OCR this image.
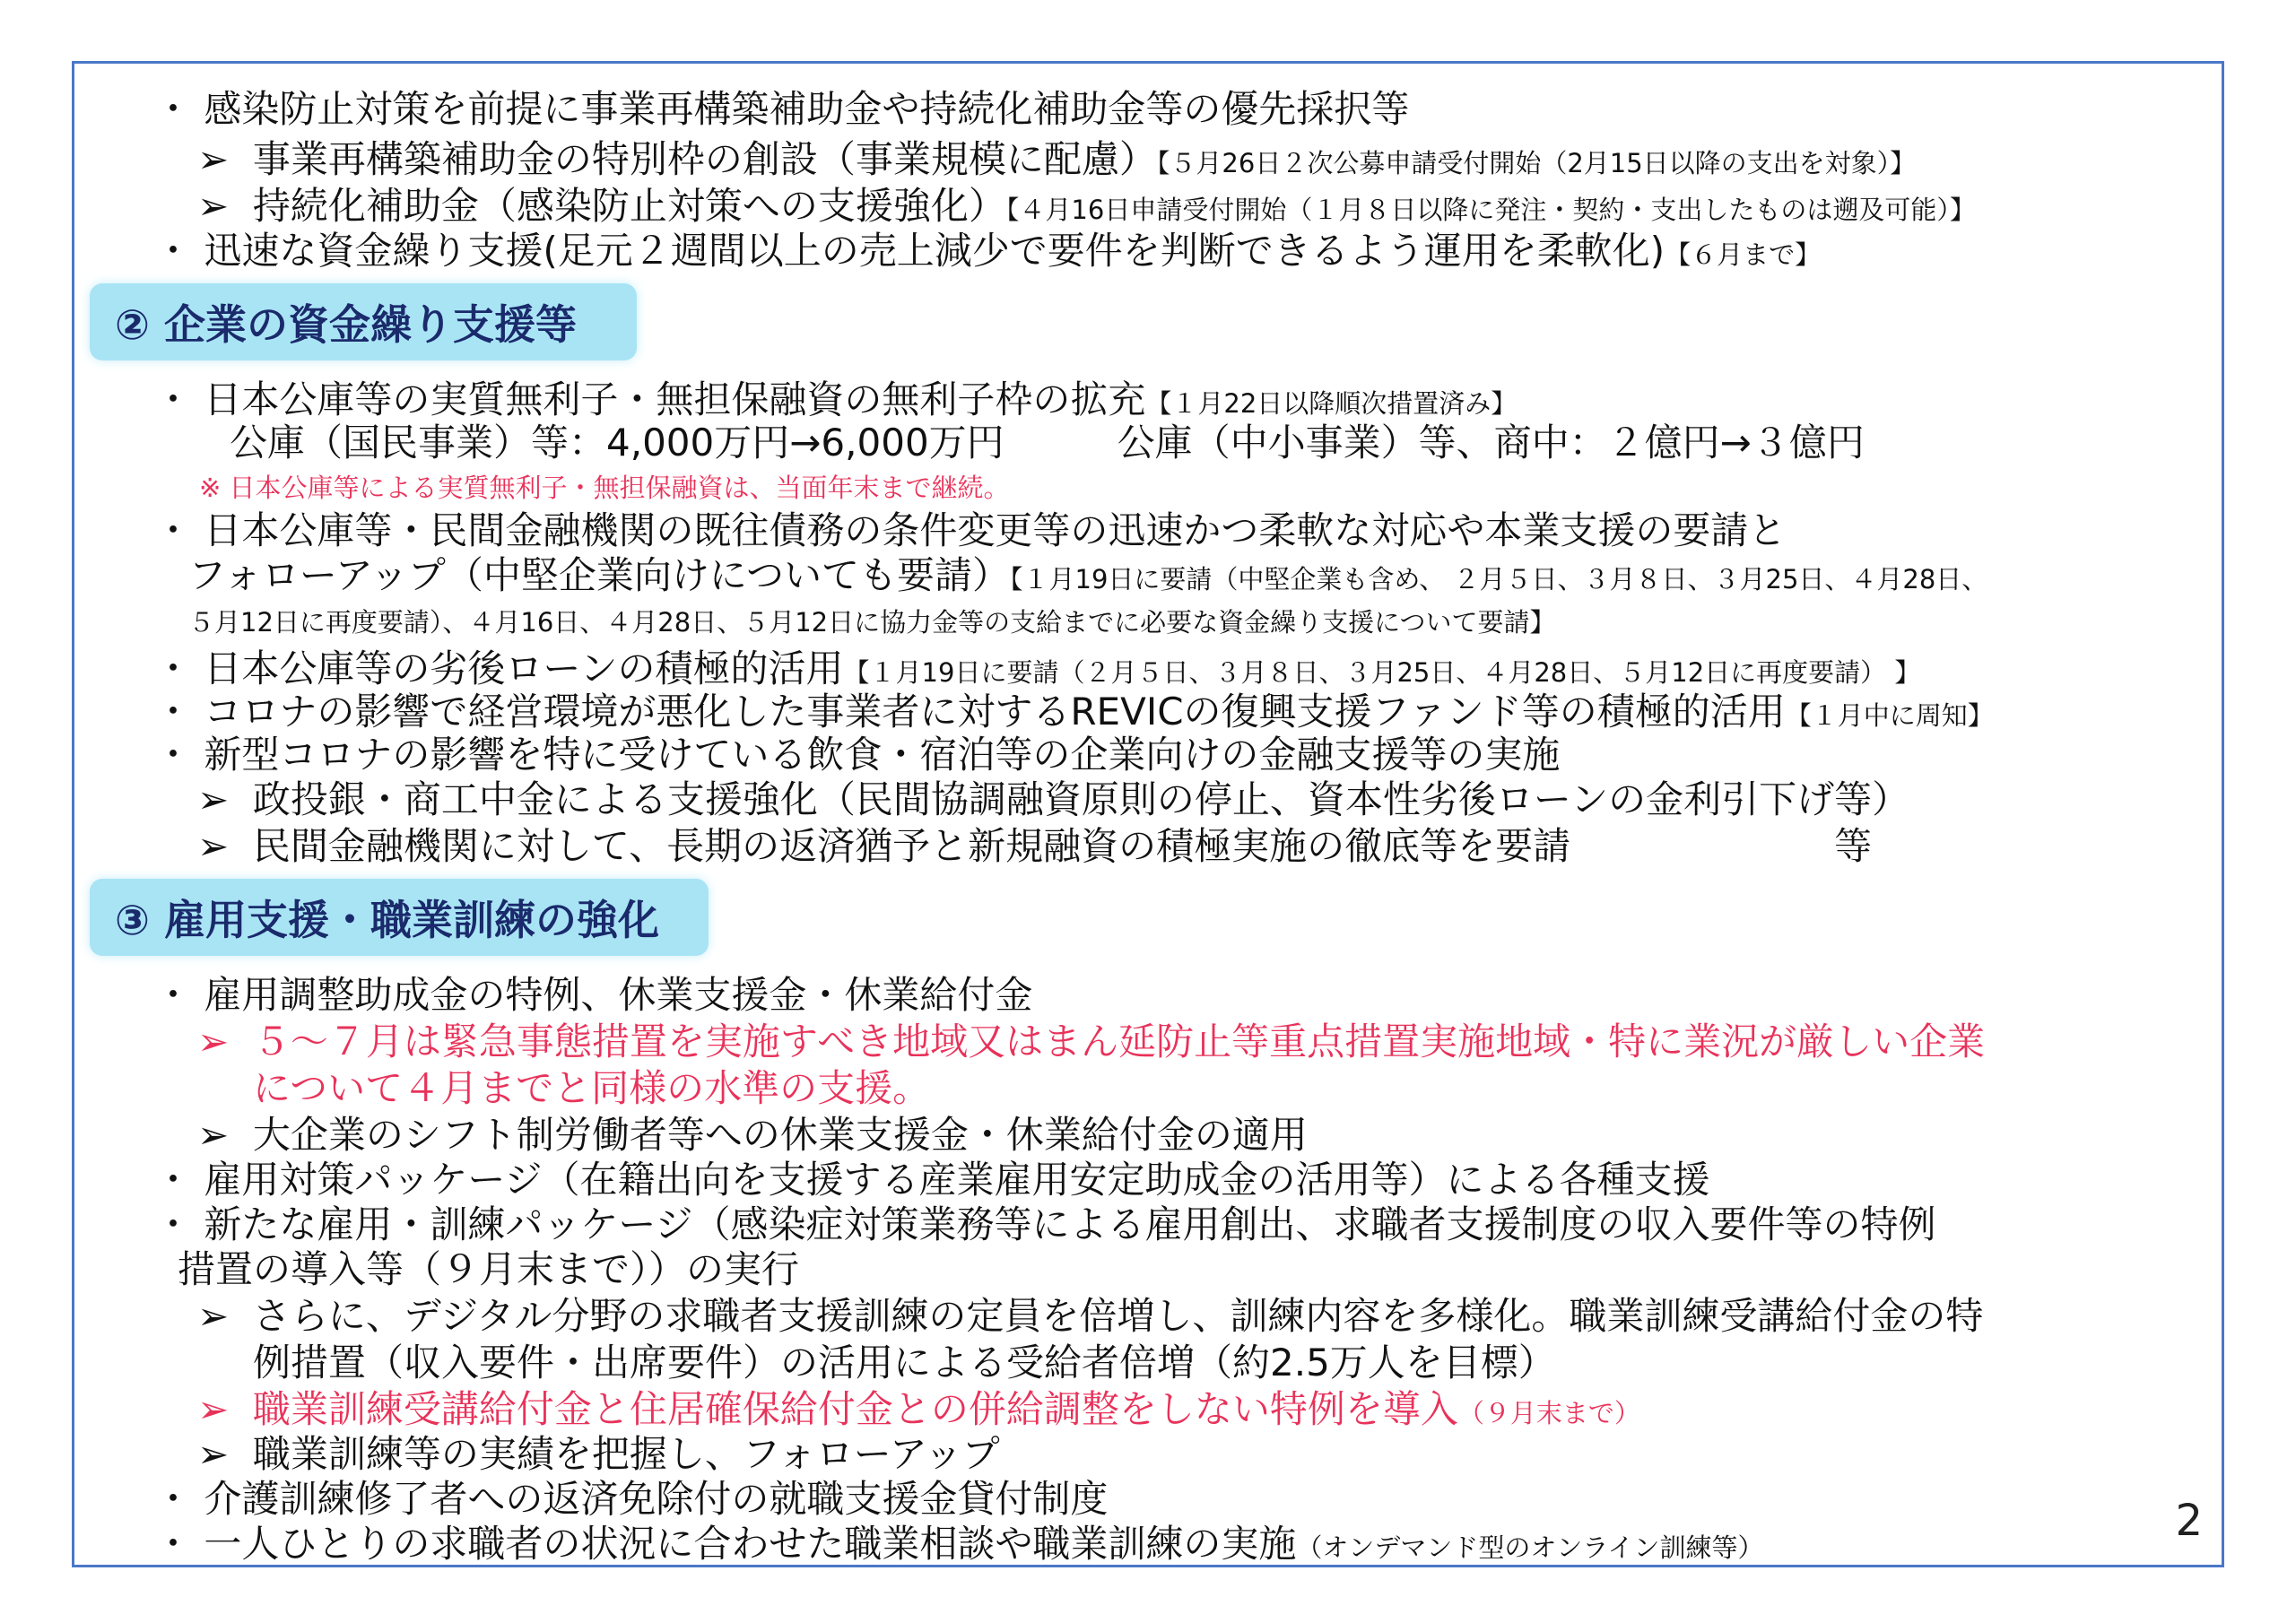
・ 感染防止対策を前提に事業再構築補助金や持続化補助金等の優先採択等
➢ 事業再構築補助金の特別枠の創設（事業規模に配慮）【５月26日２次公募申請受付開始（2月15日以降の支出を対象）】
➢ 持続化補助金（感染防止対策への支援強化）【４月16日申請受付開始（１月８日以降に発注・契約・支出したものは遡及可能）】
・ 迅速な資金繰り支援(足元２週間以上の売上減少で要件を判断できるよう運用を柔軟化)【６月まで】
② 企業の資金繰り支援等
・ 日本公庫等の実質無利子・無担保融資の無利子枠の拡充【１月22日以降順次措置済み】
公庫（国民事業）等：4,000万円→6,000万円　　　公庫（中小事業）等、商中：２億円→３億円
※ 日本公庫等による実質無利子・無担保融資は、当面年末まで継続。
・ 日本公庫等・民間金融機関の既往債務の条件変更等の迅速かつ柔軟な対応や本業支援の要請と
フォローアップ（中堅企業向けについても要請）【１月19日に要請（中堅企業も含め、 ２月５日、３月８日、３月25日、４月28日、
５月12日に再度要請）、４月16日、４月28日、５月12日に協力金等の支給までに必要な資金繰り支援について要請】
・ 日本公庫等の劣後ローンの積極的活用【１月19日に要請（２月５日、３月８日、３月25日、４月28日、５月12日に再度要請） 】
・ コロナの影響で経営環境が悪化した事業者に対するREVICの復興支援ファンド等の積極的活用【１月中に周知】
・ 新型コロナの影響を特に受けている飲食・宿泊等の企業向けの金融支援等の実施
➢ 政投銀・商工中金による支援強化（民間協調融資原則の停止、資本性劣後ローンの金利引下げ等）
➢ 民間金融機関に対して、長期の返済猶予と新規融資の積極実施の徹底等を要請　　　　　　　等
③ 雇用支援・職業訓練の強化
・ 雇用調整助成金の特例、休業支援金・休業給付金
➢ ５～７月は緊急事態措置を実施すべき地域又はまん延防止等重点措置実施地域・特に業況が厳しい企業
について４月までと同様の水準の支援。
➢ 大企業のシフト制労働者等への休業支援金・休業給付金の適用
・ 雇用対策パッケージ（在籍出向を支援する産業雇用安定助成金の活用等）による各種支援
・ 新たな雇用・訓練パッケージ（感染症対策業務等による雇用創出、求職者支援制度の収入要件等の特例
措置の導入等（９月末まで））の実行
➢ さらに、デジタル分野の求職者支援訓練の定員を倍増し、訓練内容を多様化。職業訓練受講給付金の特
例措置（収入要件・出席要件）の活用による受給者倍増（約2.5万人を目標）
➢ 職業訓練受講給付金と住居確保給付金との併給調整をしない特例を導入（９月末まで）
➢ 職業訓練等の実績を把握し、フォローアップ
・ 介護訓練修了者への返済免除付の就職支援金貸付制度
・ 一人ひとりの求職者の状況に合わせた職業相談や職業訓練の実施（オンデマンド型のオンライン訓練等）
2
